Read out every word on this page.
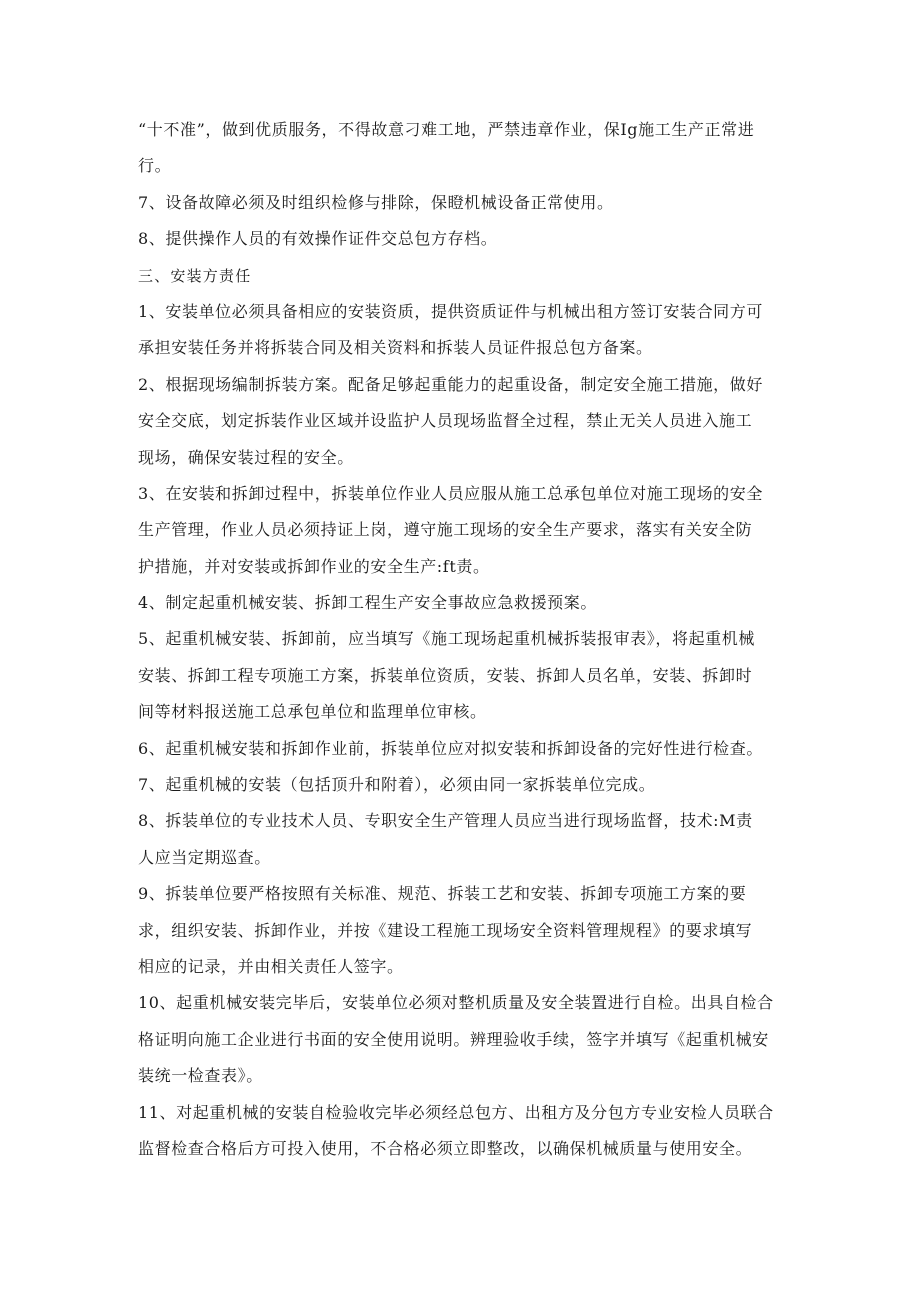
“十不准”，做到优质服务，不得故意刁难工地，严禁违章作业，保Ig施工生产正常进
行。
7、设备故障必须及时组织检修与排除，保瞪机械设备正常使用。
8、提供操作人员的有效操作证件交总包方存档。
三、安装方责任
1、安装单位必须具备相应的安装资质，提供资质证件与机械出租方签订安装合同方可
承担安装任务并将拆装合同及相关资料和拆装人员证件报总包方备案。
2、根据现场编制拆装方案。配备足够起重能力的起重设备，制定安全施工措施，做好
安全交底，划定拆装作业区域并设监护人员现场监督全过程，禁止无关人员进入施工
现场，确保安装过程的安全。
3、在安装和拆卸过程中，拆装单位作业人员应服从施工总承包单位对施工现场的安全
生产管理，作业人员必须持证上岗，遵守施工现场的安全生产要求，落实有关安全防
护措施，并对安装或拆卸作业的安全生产:ft责。
4、制定起重机械安装、拆卸工程生产安全事故应急救援预案。
5、起重机械安装、拆卸前，应当填写《施工现场起重机械拆装报审表》，将起重机械
安装、拆卸工程专项施工方案，拆装单位资质，安装、拆卸人员名单，安装、拆卸时
间等材料报送施工总承包单位和监理单位审核。
6、起重机械安装和拆卸作业前，拆装单位应对拟安装和拆卸设备的完好性进行检查。
7、起重机械的安装（包括顶升和附着），必须由同一家拆装单位完成。
8、拆装单位的专业技术人员、专职安全生产管理人员应当进行现场监督，技术:M责
人应当定期巡查。
9、拆装单位要严格按照有关标准、规范、拆装工艺和安装、拆卸专项施工方案的要
求，组织安装、拆卸作业，并按《建设工程施工现场安全资料管理规程》的要求填写
相应的记录，并由相关责任人签字。
10、起重机械安装完毕后，安装单位必须对整机质量及安全装置进行自检。出具自检合
格证明向施工企业进行书面的安全使用说明。辨理验收手续，签字并填写《起重机械安
装统一检查表》。
11、对起重机械的安装自检验收完毕必须经总包方、出租方及分包方专业安检人员联合
监督检查合格后方可投入使用，不合格必须立即整改，以确保机械质量与使用安全。
